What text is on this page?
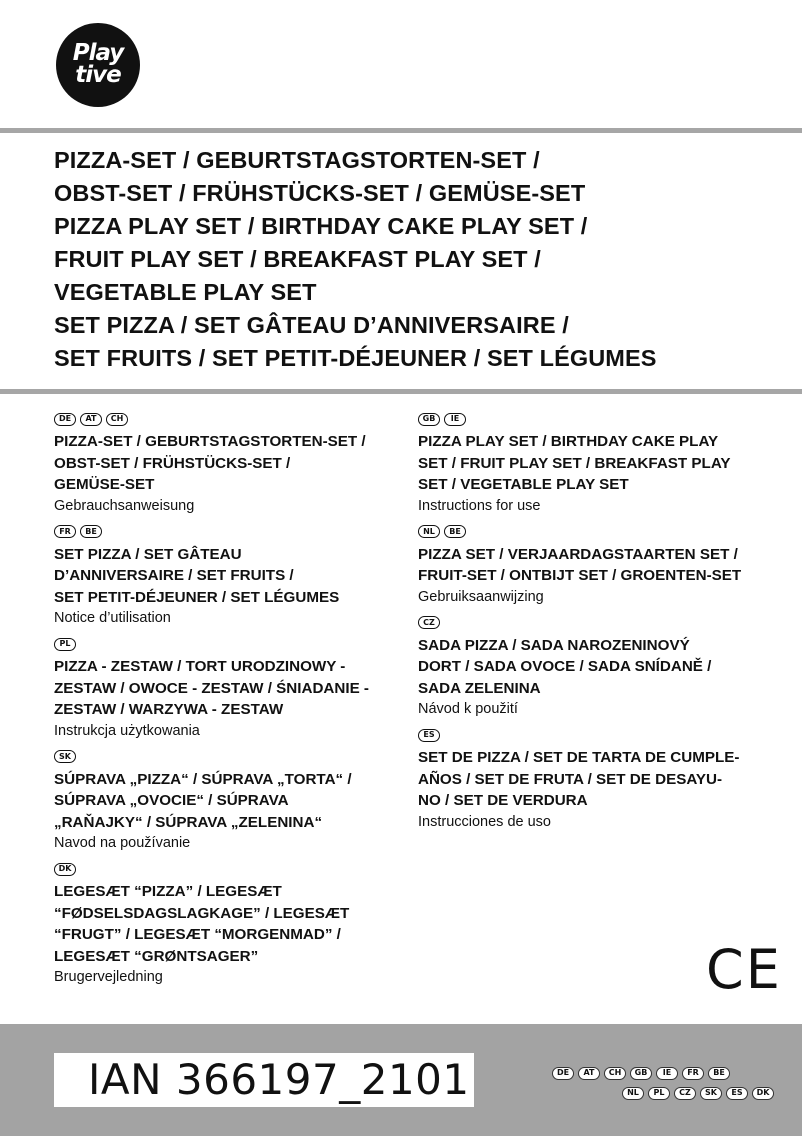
Play
tive
PIZZA-SET / GEBURTSTAGSTORTEN-SET /
OBST-SET / FRÜHSTÜCKS-SET / GEMÜSE-SET
PIZZA PLAY SET / BIRTHDAY CAKE PLAY SET /
FRUIT PLAY SET / BREAKFAST PLAY SET /
VEGETABLE PLAY SET
SET PIZZA / SET GÂTEAU D’ANNIVERSAIRE /
SET FRUITS / SET PETIT-DÉJEUNER / SET LÉGUMES
DE	AT	CH
PIZZA-SET / GEBURTSTAGSTORTEN-SET /
OBST-SET / FRÜHSTÜCKS-SET /
GEMÜSE-SET
Gebrauchsanweisung
FR	BE
SET PIZZA / SET GÂTEAU
D’ANNIVERSAIRE / SET FRUITS /
SET PETIT-DÉJEUNER / SET LÉGUMES
Notice d’utilisation
PL
PIZZA - ZESTAW / TORT URODZINOWY -
ZESTAW / OWOCE - ZESTAW / ŚNIADANIE -
ZESTAW / WARZYWA - ZESTAW
Instrukcja użytkowania
SK
SÚPRAVA „PIZZA“ / SÚPRAVA „TORTA“ /
SÚPRAVA „OVOCIE“ / SÚPRAVA
„RAŇAJKY“ / SÚPRAVA „ZELENINA“
Navod na používanie
DK
LEGESÆT “PIZZA” / LEGESÆT
“FØDSELSDAGSLAGKAGE” / LEGESÆT
“FRUGT” / LEGESÆT “MORGENMAD” /
LEGESÆT “GRØNTSAGER”
Brugervejledning
GB	IE
PIZZA PLAY SET / BIRTHDAY CAKE PLAY
SET / FRUIT PLAY SET / BREAKFAST PLAY
SET / VEGETABLE PLAY SET
Instructions for use
NL	BE
PIZZA SET / VERJAARDAGSTAARTEN SET /
FRUIT-SET / ONTBIJT SET / GROENTEN-SET
Gebruiksaanwijzing
CZ
SADA PIZZA / SADA NAROZENINOVÝ
DORT / SADA OVOCE / SADA SNÍDANĚ /
SADA ZELENINA
Návod k použití
ES
SET DE PIZZA / SET DE TARTA DE CUMPLE-
AÑOS / SET DE FRUTA / SET DE DESAYU-
NO / SET DE VERDURA
Instrucciones de uso
CE
IAN 366197_2101	DE	AT	CH	GB	IE	FR	BE
NL	PL	CZ	SK	ES	DK
